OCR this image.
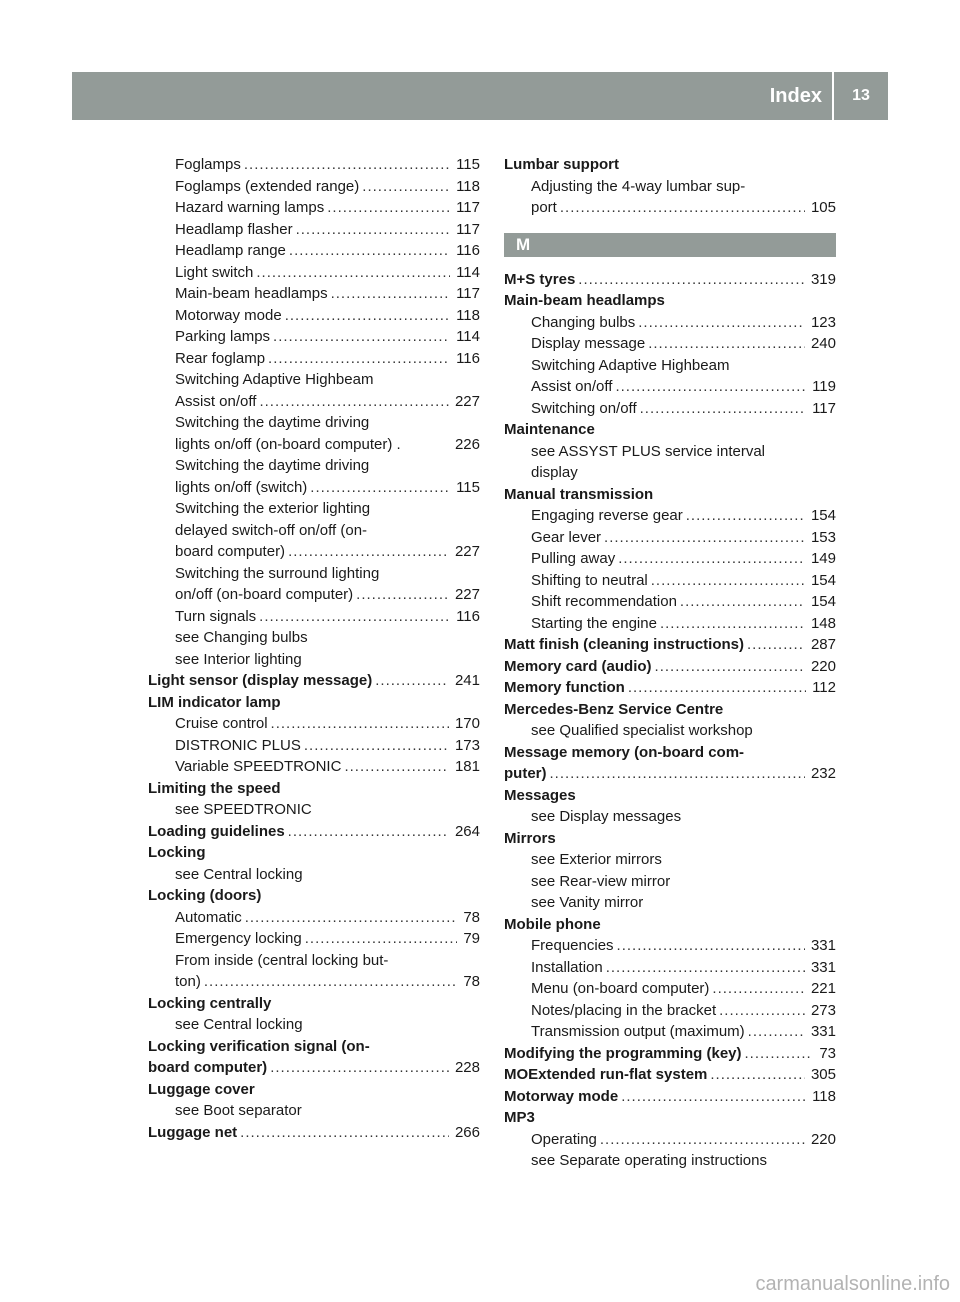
Index	13
Foglamps .....	115
Foglamps (extended range) .....	118
Hazard warning lamps .....	117
Headlamp flasher .....	117
Headlamp range .....	116
Light switch .....	114
Main-beam headlamps .....	117
Motorway mode .....	118
Parking lamps .....	114
Rear foglamp .....	116
Switching Adaptive Highbeam
Assist on/off .....	227
Switching the daytime driving
lights on/off (on-board computer) .	226
Switching the daytime driving
lights on/off (switch) .....	115
Switching the exterior lighting
delayed switch-off on/off (on-
board computer) .....	227
Switching the surround lighting
on/off (on-board computer) .....	227
Turn signals .....	116
see Changing bulbs
see Interior lighting
Light sensor (display message) .....	241
LIM indicator lamp
Cruise control .....	170
DISTRONIC PLUS .....	173
Variable SPEEDTRONIC .....	181
Limiting the speed
see SPEEDTRONIC
Loading guidelines .....	264
Locking
see Central locking
Locking (doors)
Automatic .....	78
Emergency locking .....	79
From inside (central locking but-
ton) .....	78
Locking centrally
see Central locking
Locking verification signal (on-
board computer) .....	228
Luggage cover
see Boot separator
Luggage net .....	266
Lumbar support
Adjusting the 4-way lumbar sup-
port .....	105
M
M+S tyres .....	319
Main-beam headlamps
Changing bulbs .....	123
Display message .....	240
Switching Adaptive Highbeam
Assist on/off .....	119
Switching on/off .....	117
Maintenance
see ASSYST PLUS service interval
display
Manual transmission
Engaging reverse gear .....	154
Gear lever .....	153
Pulling away .....	149
Shifting to neutral .....	154
Shift recommendation .....	154
Starting the engine .....	148
Matt finish (cleaning instructions) .....	287
Memory card (audio) .....	220
Memory function .....	112
Mercedes-Benz Service Centre
see Qualified specialist workshop
Message memory (on-board com-
puter) .....	232
Messages
see Display messages
Mirrors
see Exterior mirrors
see Rear-view mirror
see Vanity mirror
Mobile phone
Frequencies .....	331
Installation .....	331
Menu (on-board computer) .....	221
Notes/placing in the bracket .....	273
Transmission output (maximum) .....	331
Modifying the programming (key) .....	73
MOExtended run-flat system .....	305
Motorway mode .....	118
MP3
Operating .....	220
see Separate operating instructions
carmanualsonline.info
